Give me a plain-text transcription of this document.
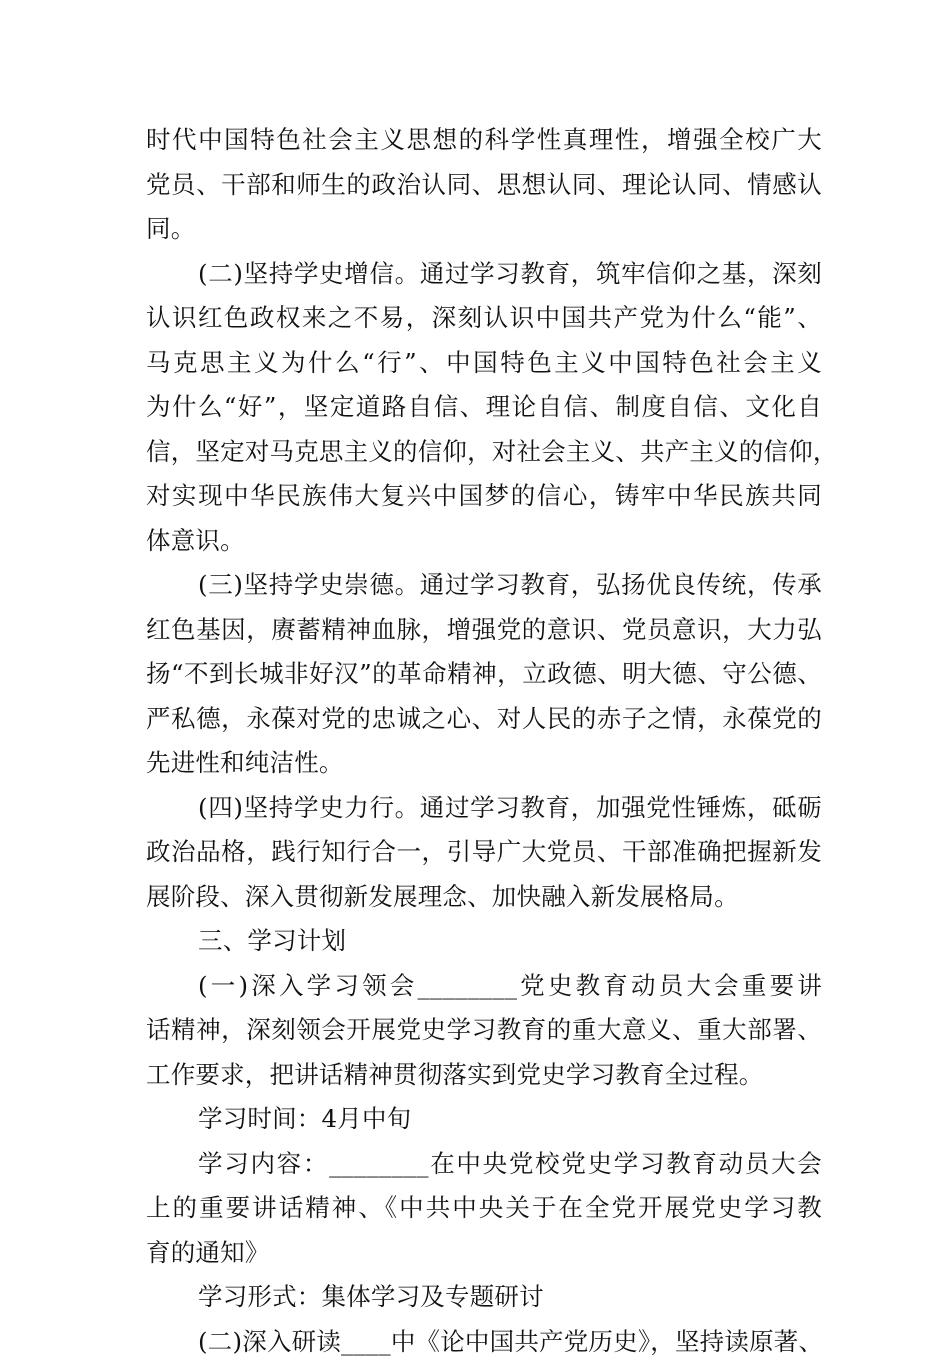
时代中国特色社会主义思想的科学性真理性，增强全校广大
党员、干部和师生的政治认同、思想认同、理论认同、情感认
同。
(二)坚持学史增信。通过学习教育，筑牢信仰之基，深刻
认识红色政权来之不易，深刻认识中国共产党为什么“能”、
马克思主义为什么“行”、中国特色主义中国特色社会主义
为什么“好”，坚定道路自信、理论自信、制度自信、文化自
信，坚定对马克思主义的信仰，对社会主义、共产主义的信仰，
对实现中华民族伟大复兴中国梦的信心，铸牢中华民族共同
体意识。
(三)坚持学史崇德。通过学习教育，弘扬优良传统，传承
红色基因，赓蓄精神血脉，增强党的意识、党员意识，大力弘
扬“不到长城非好汉”的革命精神，立政德、明大德、守公德、
严私德，永葆对党的忠诚之心、对人民的赤子之情，永葆党的
先进性和纯洁性。
(四)坚持学史力行。通过学习教育，加强党性锤炼，砥砺
政治品格，践行知行合一，引导广大党员、干部准确把握新发
展阶段、深入贯彻新发展理念、加快融入新发展格局。
三、学习计划
(一)深入学习领会________党史教育动员大会重要讲
话精神，深刻领会开展党史学习教育的重大意义、重大部署、
工作要求，把讲话精神贯彻落实到党史学习教育全过程。
学习时间：4月中旬
学习内容：________在中央党校党史学习教育动员大会
上的重要讲话精神、《中共中央关于在全党开展党史学习教
育的通知》
学习形式：集体学习及专题研讨
(二)深入研读____中《论中国共产党历史》，坚持读原著、
